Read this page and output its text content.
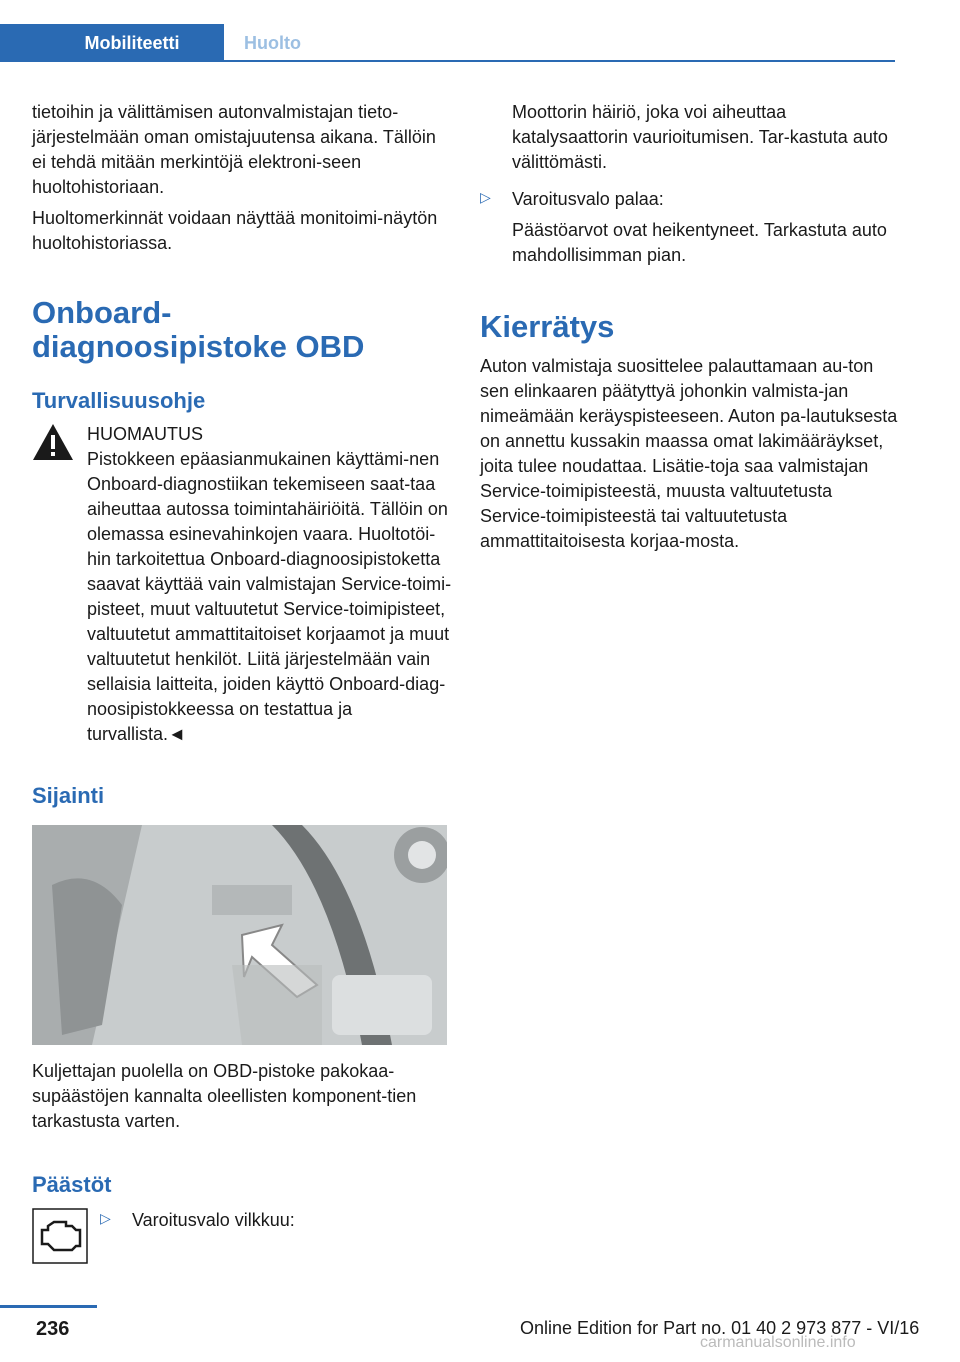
Mobiliteetti	Huolto

tietoihin ja välittämisen autonvalmistajan tieto-järjestelmään oman omistajuutensa aikana. Tällöin ei tehdä mitään merkintöjä elektroni-seen huoltohistoriaan.

Huoltomerkinnät voidaan näyttää monitoimi-näytön huoltohistoriassa.

Onboard-diagnoosipistoke OBD
Turvallisuusohje

HUOMAUTUS

Pistokkeen epäasianmukainen käyttämi-nen Onboard-diagnostiikan tekemiseen saat-taa aiheuttaa autossa toimintahäiriöitä. Tällöin on olemassa esinevahinkojen vaara. Huoltotöi-hin tarkoitettua Onboard-diagnoosipistoketta saavat käyttää vain valmistajan Service-toimi-pisteet, muut valtuutetut Service-toimipisteet, valtuutetut ammattitaitoiset korjaamot ja muut valtuutetut henkilöt. Liitä järjestelmään vain sellaisia laitteita, joiden käyttö Onboard-diag-noosipistokkeessa on testattua ja turvallista.◄

Sijainti

Kuljettajan puolella on OBD-pistoke pakokaa-supäästöjen kannalta oleellisten komponent-tien tarkastusta varten.

Päästöt
▷ Varoitusvalo vilkkuu:

Moottorin häiriö, joka voi aiheuttaa katalysaattorin vaurioitumisen. Tar-kastuta auto välittömästi.

▷ Varoitusvalo palaa:

Päästöarvot ovat heikentyneet. Tarkastuta auto mahdollisimman pian.

Kierrätys

Auton valmistaja suosittelee palauttamaan au-ton sen elinkaaren päätyttyä johonkin valmista-jan nimeämään keräyspisteeseen. Auton pa-lautuksesta on annettu kussakin maassa omat lakimääräykset, joita tulee noudattaa. Lisätie-toja saa valmistajan Service-toimipisteestä, muusta valtuutetusta Service-toimipisteestä tai valtuutetusta ammattitaitoisesta korjaa-mosta.

236	Online Edition for Part no. 01 40 2 973 877 - VI/16
carmanualsonline.info
